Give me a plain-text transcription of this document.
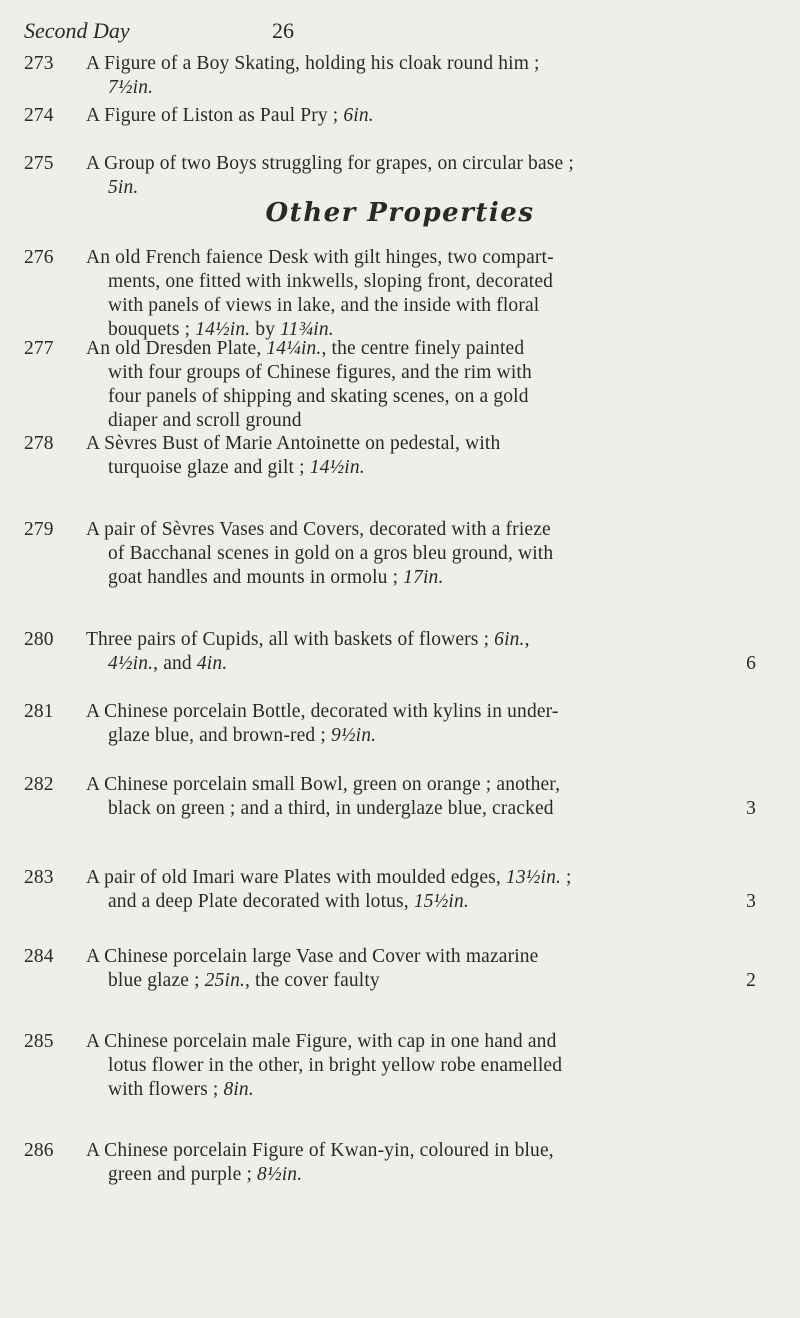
Second Day	26
Other Properties
273	A Figure of a Boy Skating, holding his cloak round him ;
7½in.
274	A Figure of Liston as Paul Pry ; 6in.
275	A Group of two Boys struggling for grapes, on circular base ;
5in.
276	An old French faience Desk with gilt hinges, two compart-
ments, one fitted with inkwells, sloping front, decorated
with panels of views in lake, and the inside with floral
bouquets ; 14½in. by 11¾in.
277	An old Dresden Plate, 14¼in., the centre finely painted
with four groups of Chinese figures, and the rim with
four panels of shipping and skating scenes, on a gold
diaper and scroll ground
278	A Sèvres Bust of Marie Antoinette on pedestal, with
turquoise glaze and gilt ; 14½in.
279	A pair of Sèvres Vases and Covers, decorated with a frieze
of Bacchanal scenes in gold on a gros bleu ground, with
goat handles and mounts in ormolu ; 17in.
280	Three pairs of Cupids, all with baskets of flowers ; 6in.,
4½in., and 4in.	6
281	A Chinese porcelain Bottle, decorated with kylins in under-
glaze blue, and brown-red ; 9½in.
282	A Chinese porcelain small Bowl, green on orange ; another,
black on green ; and a third, in underglaze blue, cracked	3
283	A pair of old Imari ware Plates with moulded edges, 13½in. ;
and a deep Plate decorated with lotus, 15½in.	3
284	A Chinese porcelain large Vase and Cover with mazarine
blue glaze ; 25in., the cover faulty	2
285	A Chinese porcelain male Figure, with cap in one hand and
lotus flower in the other, in bright yellow robe enamelled
with flowers ; 8in.
286	A Chinese porcelain Figure of Kwan-yin, coloured in blue,
green and purple ; 8½in.
